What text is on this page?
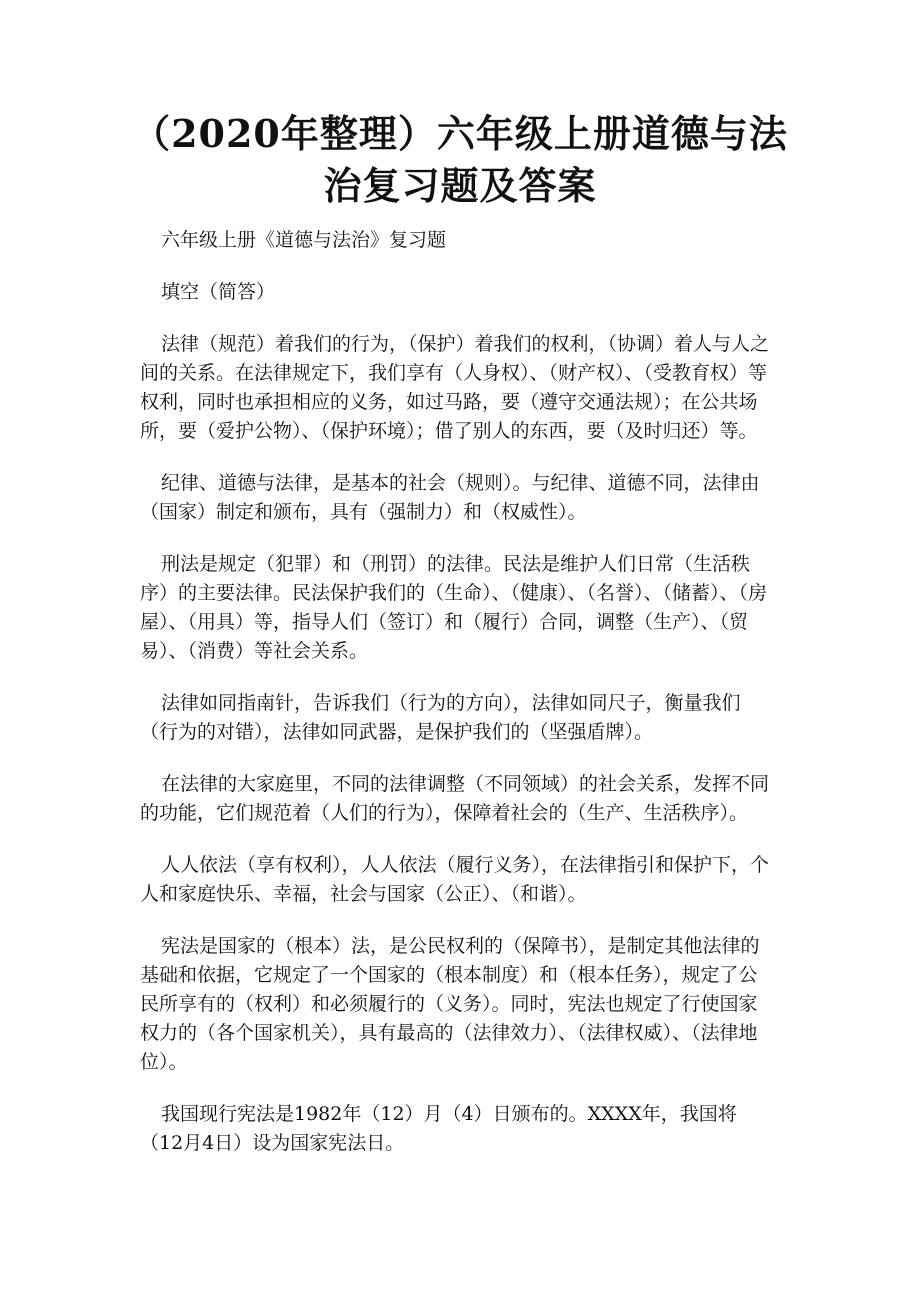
（2020年整理）六年级上册道德与法
治复习题及答案

六年级上册《道德与法治》复习题

填空（简答）

法律（规范）着我们的行为，（保护）着我们的权利，（协调）着人与人之间的关系。在法律规定下，我们享有（人身权）、（财产权）、（受教育权）等权利，同时也承担相应的义务，如过马路，要（遵守交通法规）；在公共场所，要（爱护公物）、（保护环境）；借了别人的东西，要（及时归还）等。

纪律、道德与法律，是基本的社会（规则）。与纪律、道德不同，法律由（国家）制定和颁布，具有（强制力）和（权威性）。

刑法是规定（犯罪）和（刑罚）的法律。民法是维护人们日常（生活秩序）的主要法律。民法保护我们的（生命）、（健康）、（名誉）、（储蓄）、（房屋）、（用具）等，指导人们（签订）和（履行）合同，调整（生产）、（贸易）、（消费）等社会关系。

法律如同指南针，告诉我们（行为的方向），法律如同尺子，衡量我们（行为的对错），法律如同武器，是保护我们的（坚强盾牌）。

在法律的大家庭里，不同的法律调整（不同领域）的社会关系，发挥不同的功能，它们规范着（人们的行为），保障着社会的（生产、生活秩序）。

人人依法（享有权利），人人依法（履行义务），在法律指引和保护下，个人和家庭快乐、幸福，社会与国家（公正）、（和谐）。

宪法是国家的（根本）法，是公民权利的（保障书），是制定其他法律的基础和依据，它规定了一个国家的（根本制度）和（根本任务），规定了公民所享有的（权利）和必须履行的（义务）。同时，宪法也规定了行使国家权力的（各个国家机关），具有最高的（法律效力）、（法律权威）、（法律地位）。

我国现行宪法是1982年（12）月（4）日颁布的。XXXX年，我国将（12月4日）设为国家宪法日。
